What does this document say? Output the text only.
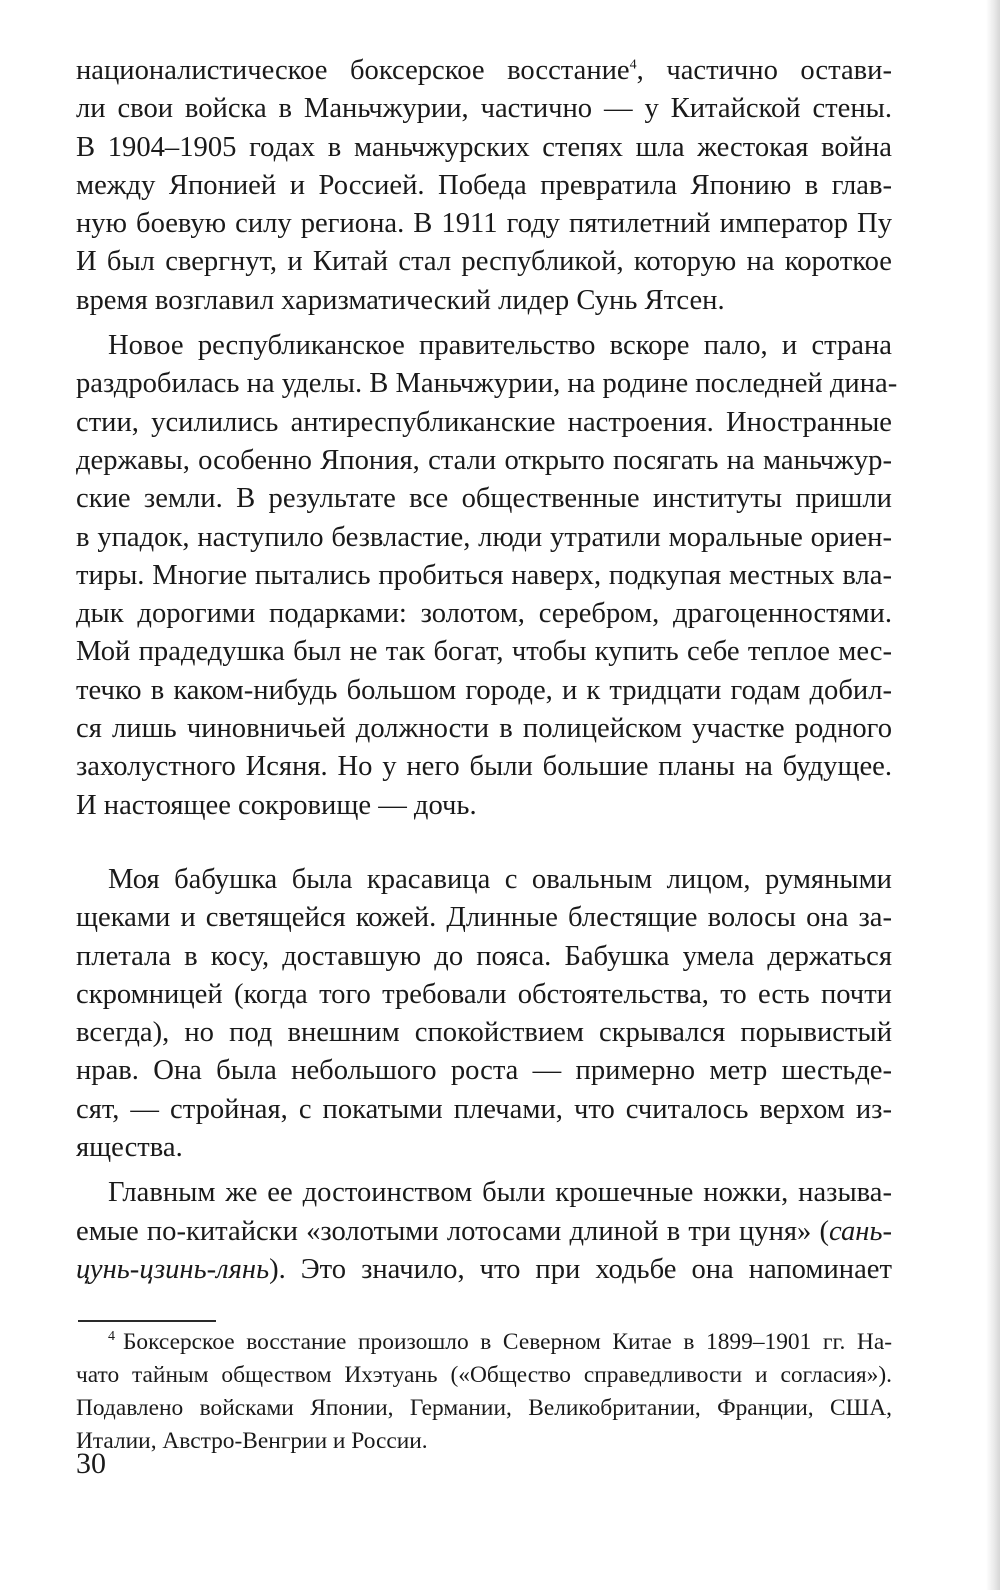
националистическое боксерское восстание$^4$, частично остави-
ли свои войска в Маньчжурии, частично — у Китайской стены.
В 1904–1905 годах в маньчжурских степях шла жестокая война
между Японией и Россией. Победа превратила Японию в глав-
ную боевую силу региона. В 1911 году пятилетний император Пу
И был свергнут, и Китай стал республикой, которую на короткое
время возглавил харизматический лидер Сунь Ятсен.
Новое республиканское правительство вскоре пало, и страна
раздробилась на уделы. В Маньчжурии, на родине последней дина-
стии, усилились антиреспубликанские настроения. Иностранные
державы, особенно Япония, стали открыто посягать на маньчжур-
ские земли. В результате все общественные институты пришли
в упадок, наступило безвластие, люди утратили моральные ориен-
тиры. Многие пытались пробиться наверх, подкупая местных вла-
дык дорогими подарками: золотом, серебром, драгоценностями.
Мой прадедушка был не так богат, чтобы купить себе теплое мес-
течко в каком-нибудь большом городе, и к тридцати годам добил-
ся лишь чиновничьей должности в полицейском участке родного
захолустного Исяня. Но у него были большие планы на будущее.
И настоящее сокровище — дочь.
Моя бабушка была красавица с овальным лицом, румяными
щеками и светящейся кожей. Длинные блестящие волосы она за-
плетала в косу, доставшую до пояса. Бабушка умела держаться
скромницей (когда того требовали обстоятельства, то есть почти
всегда), но под внешним спокойствием скрывался порывистый
нрав. Она была небольшого роста — примерно метр шестьде-
сят, — стройная, с покатыми плечами, что считалось верхом из-
ящества.
Главным же ее достоинством были крошечные ножки, называ-
емые по-китайски «золотыми лотосами длиной в три цуня» (сань-
цунь-цзинь-лянь). Это значило, что при ходьбе она напоминает
$^4$ Боксерское восстание произошло в Северном Китае в 1899–1901 гг. На-
чато тайным обществом Ихэтуань («Общество справедливости и согласия»).
Подавлено войсками Японии, Германии, Великобритании, Франции, США,
Италии, Австро-Венгрии и России.
30
